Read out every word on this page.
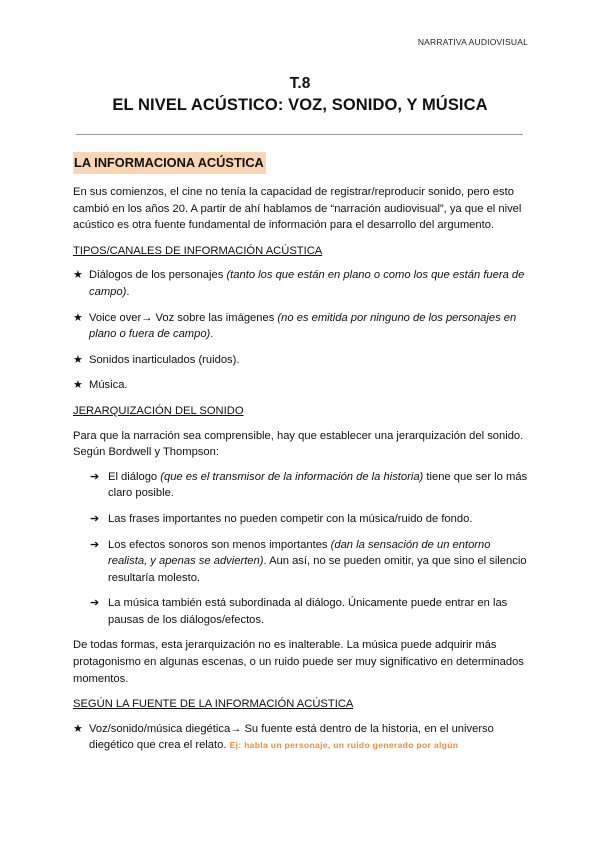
NARRATIVA AUDIOVISUAL
T.8
EL NIVEL ACÚSTICO: VOZ, SONIDO, Y MÚSICA
LA INFORMACIONA ACÚSTICA

En sus comienzos, el cine no tenía la capacidad de registrar/reproducir sonido, pero esto cambió en los años 20. A partir de ahí hablamos de “narración audiovisual”, ya que el nivel acústico es otra fuente fundamental de información para el desarrollo del argumento.

TIPOS/CANALES DE INFORMACIÓN ACÚSTICA

★ Diálogos de los personajes (tanto los que están en plano o como los que están fuera de campo).
★ Voice over→ Voz sobre las imágenes (no es emitida por ninguno de los personajes en plano o fuera de campo).
★ Sonidos inarticulados (ruidos).
★ Música.

JERARQUIZACIÓN DEL SONIDO

Para que la narración sea comprensible, hay que establecer una jerarquización del sonido. Según Bordwell y Thompson:

➔ El diálogo (que es el transmisor de la información de la historia) tiene que ser lo más claro posible.
➔ Las frases importantes no pueden competir con la música/ruido de fondo.
➔ Los efectos sonoros son menos importantes (dan la sensación de un entorno realista, y apenas se advierten). Aun así, no se pueden omitir, ya que sino el silencio resultaría molesto.
➔ La música también está subordinada al diálogo. Únicamente puede entrar en las pausas de los diálogos/efectos.

De todas formas, esta jerarquización no es inalterable. La música puede adquirir más protagonismo en algunas escenas, o un ruido puede ser muy significativo en determinados momentos.

SEGÚN LA FUENTE DE LA INFORMACIÓN ACÚSTICA

★ Voz/sonido/música diegética→ Su fuente está dentro de la historia, en el universo diegético que crea el relato. Ej: habla un personaje, un ruido generado por algún
